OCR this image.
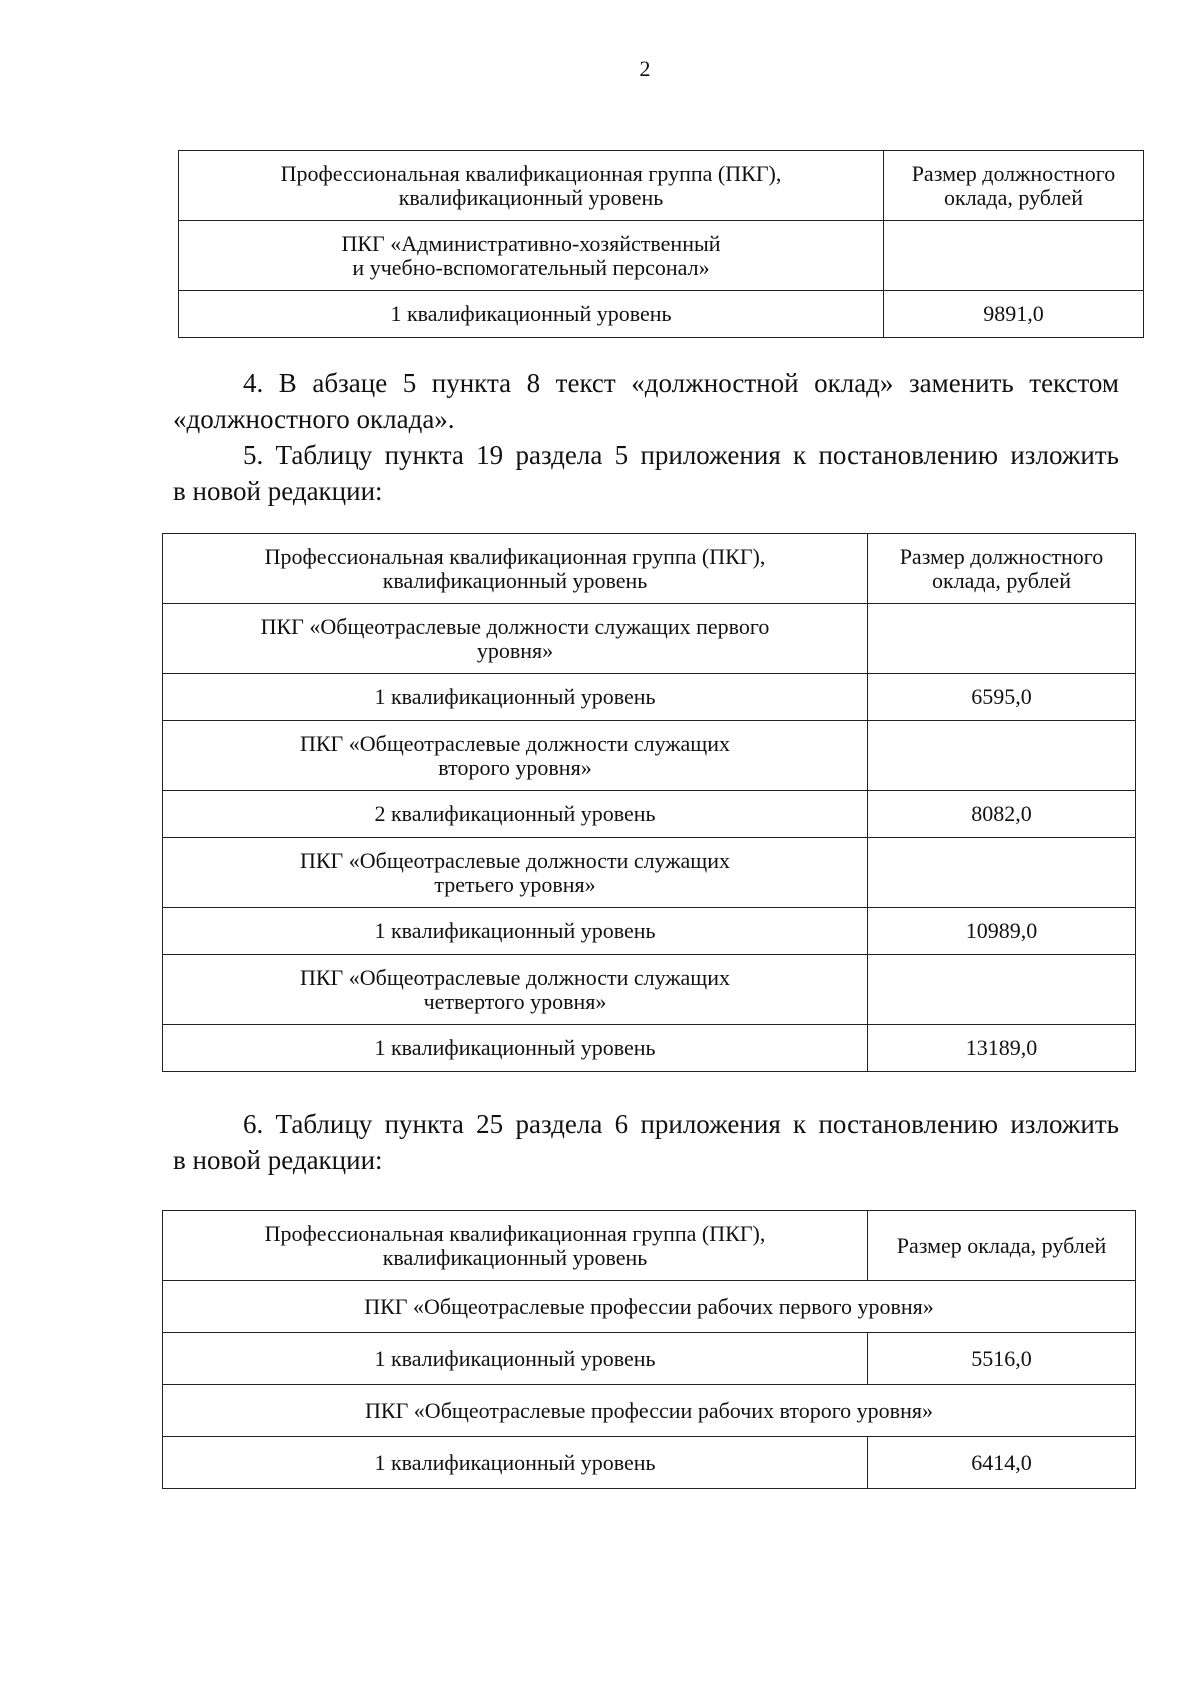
2
Профессиональная квалификационная группа (ПКГ),
квалификационный уровень	Размер должностного
оклада, рублей
ПКГ «Административно-хозяйственный
и учебно-вспомогательный персонал»	
1 квалификационный уровень	9891,0
4. В абзаце 5 пункта 8 текст «должностной оклад» заменить текстом
«должностного оклада».
5. Таблицу пункта 19 раздела 5 приложения к постановлению изложить
в новой редакции:
Профессиональная квалификационная группа (ПКГ),
квалификационный уровень	Размер должностного
оклада, рублей
ПКГ «Общеотраслевые должности служащих первого
уровня»	
1 квалификационный уровень	6595,0
ПКГ «Общеотраслевые должности служащих
второго уровня»	
2 квалификационный уровень	8082,0
ПКГ «Общеотраслевые должности служащих
третьего уровня»	
1 квалификационный уровень	10989,0
ПКГ «Общеотраслевые должности служащих
четвертого уровня»	
1 квалификационный уровень	13189,0
6. Таблицу пункта 25 раздела 6 приложения к постановлению изложить
в новой редакции:
Профессиональная квалификационная группа (ПКГ),
квалификационный уровень	Размер оклада, рублей
ПКГ «Общеотраслевые профессии рабочих первого уровня»	
1 квалификационный уровень	5516,0
ПКГ «Общеотраслевые профессии рабочих второго уровня»	
1 квалификационный уровень	6414,0
